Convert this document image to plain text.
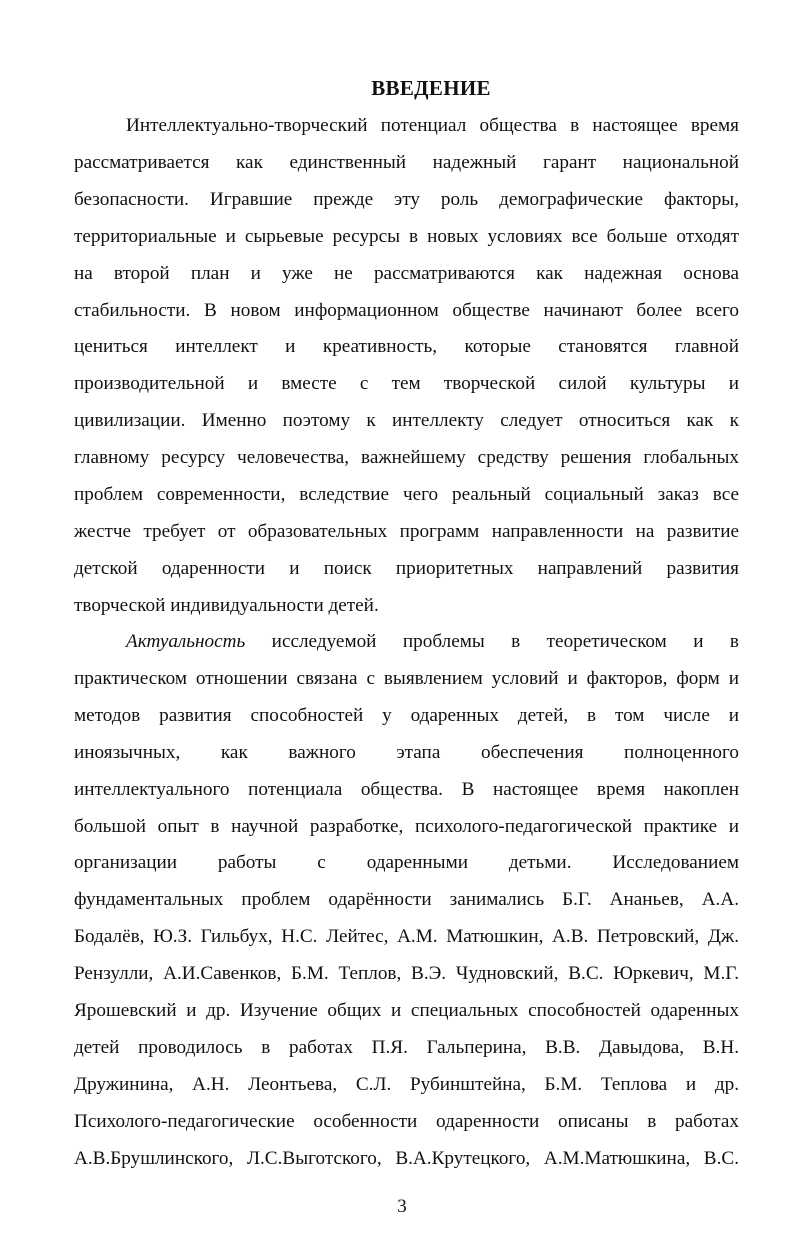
ВВЕДЕНИЕ
Интеллектуально-творческий потенциал общества в настоящее время
рассматривается как единственный надежный гарант национальной
безопасности. Игравшие прежде эту роль демографические факторы,
территориальные и сырьевые ресурсы в новых условиях все больше отходят
на второй план и уже не рассматриваются как надежная основа
стабильности. В новом информационном обществе начинают более всего
цениться интеллект и креативность, которые становятся главной
производительной и вместе с тем творческой силой культуры и
цивилизации. Именно поэтому к интеллекту следует относиться как к
главному ресурсу человечества, важнейшему средству решения глобальных
проблем современности, вследствие чего реальный социальный заказ все
жестче требует от образовательных программ направленности на развитие
детской одаренности и поиск приоритетных направлений развития
творческой индивидуальности детей.
Актуальность исследуемой проблемы в теоретическом и в
практическом отношении связана с выявлением условий и факторов, форм и
методов развития способностей у одаренных детей, в том числе и
иноязычных, как важного этапа обеспечения полноценного
интеллектуального потенциала общества. В настоящее время накоплен
большой опыт в научной разработке, психолого-педагогической практике и
организации работы с одаренными детьми. Исследованием
фундаментальных проблем одарённости занимались Б.Г. Ананьев, А.А.
Бодалёв, Ю.З. Гильбух, Н.С. Лейтес, А.М. Матюшкин, А.В. Петровский, Дж.
Рензулли, А.И.Савенков, Б.М. Теплов, В.Э. Чудновский, В.С. Юркевич, М.Г.
Ярошевский и др. Изучение общих и специальных способностей одаренных
детей проводилось в работах П.Я. Гальперина, В.В. Давыдова, В.Н.
Дружинина, А.Н. Леонтьева, С.Л. Рубинштейна, Б.М. Теплова и др.
Психолого-педагогические особенности одаренности описаны в работах
А.В.Брушлинского, Л.С.Выготского, В.А.Крутецкого, А.М.Матюшкина, В.С.
3
